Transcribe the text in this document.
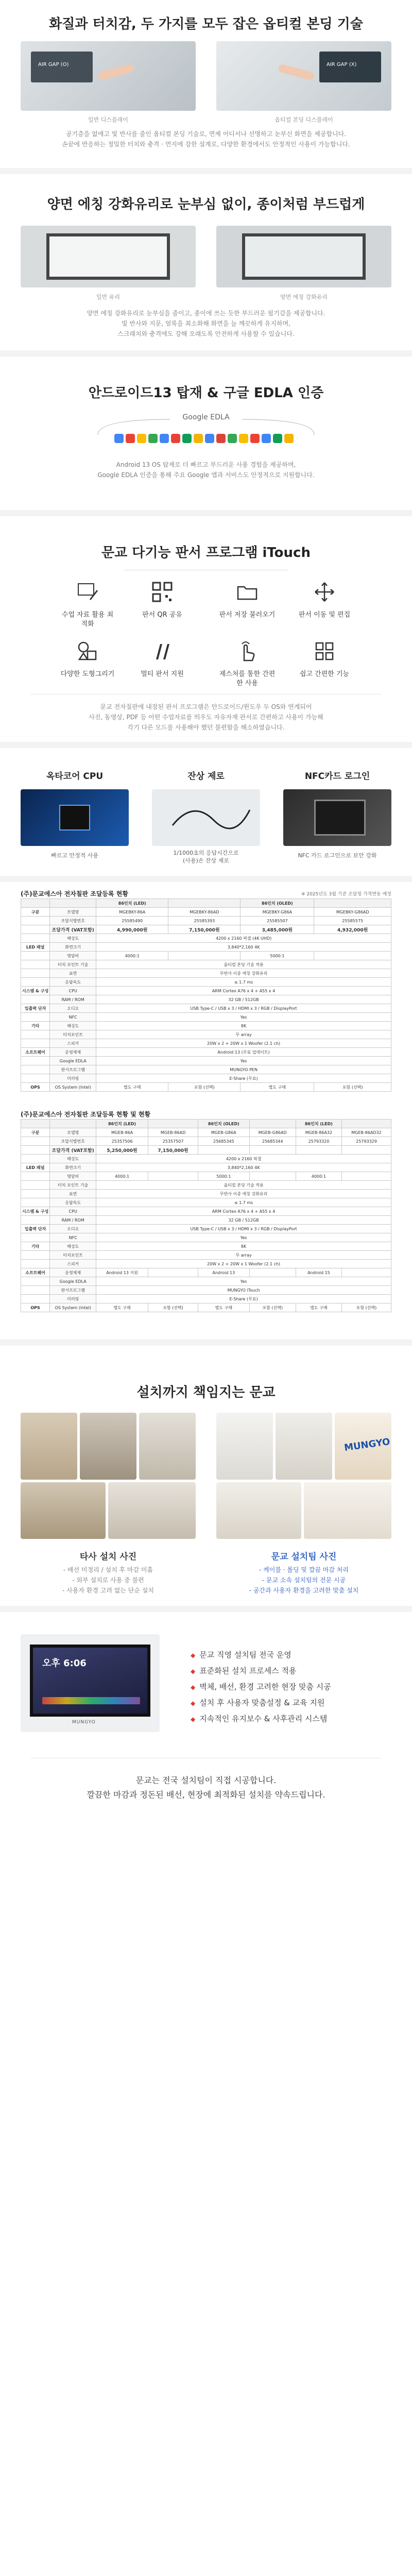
화질과 터치감, 두 가지를 모두 잡은 옵티컬 본딩 기술
AIR GAP (O)	AIR GAP (X)
일반 디스플레이	옵티컬 본딩 디스플레이
공기층을 없애고 빛 반사를 줄인 옵티컬 본딩 기술로, 면제 어디서나 선명하고 눈부신 화면을 제공합니다.
손끝에 반응하는 정밀한 터치와 충격 · 먼지에 강한 설계로, 다양한 환경에서도 안정적인 사용이 가능합니다.
양면 에칭 강화유리로 눈부심 없이, 종이처럼 부드럽게
일반 유리	양면 에칭 강화유리
양면 에칭 강화유리로 눈부심을 줄이고, 종이에 쓰는 듯한 부드러운 필기감을 제공합니다.
빛 반사와 지문, 얼룩을 최소화해 화면을 늘 깨끗하게 유지하며,
스크래치와 충격에도 강해 오래도록 안전하게 사용할 수 있습니다.
안드로이드13 탑재 & 구글 EDLA 인증
Google EDLA
Android 13 OS 탑재로 더 빠르고 부드러운 사용 경험을 제공하며,
Google EDLA 인증을 통해 주요 Google 앱과 서비스도 안정적으로 지원합니다.
문교 다기능 판서 프로그램 iTouch
수업 자료 활용 최적화
판서 QR 공유	판서 저장 불러오기	판서 이동 및 편집
다양한 도형그리기	멀티 판서 지원	제스처를 통한 간편한 사용
쉽고 간편한 기능
문교 전자칠판에 내장된 판서 프로그램은 안드로이드/윈도우 두 OS와 연계되어
사진, 동영상, PDF 등 어떤 수업자료를 띄우도 자유자재 판서로 간편하고 사용이 가능해
각기 다른 모드를 사용해야 했던 불편함을 해소하였습니다.
옥타코어 CPU	잔상 제로	NFC카드 로그인
빠르고 안정적 사용	1/1000초의 응답시간으로
(사용)손 잔상 제로
NFC 카드 로그인으로 보안 강화
(주)문교에스아 전자칠판 조달등록 현황	※ 2025년도 3월 기준 조달청 가격변동 예정
		86인치 (LED)		86인치 (OLED)	
구분	모델명	MGEBKY-86A	MGEBKY-86AD	MGEBKY-G86A	MGEBKY-G86AD
	조달식별번호	25585490	25585393	25585507	25585575
	조달가격 (VAT포함)	4,990,000원	7,150,000원	3,485,000원	4,932,000원
	해상도	4200 x 2160 픽셀 (4K UHD)			
LED 패널	화면크기	3,840*2,160 4K			
	명암비	4000:1		5000:1	
	터치 포인트 기술	옵티컬 본딩 기술 적용			
	표면	무반사 이중 에칭 강화유리			
	응답속도	≤ 1.7 ms			
시스템 & 구성	CPU	ARM Cortex A76 x 4 + A55 x 4			
	RAM / ROM	32 GB / 512GB			
입출력 단자	오디오	USB Type-C / USB x 3 / HDMI x 3 / RGB / DisplayPort			
	NFC	Yes			
기타	해상도	8K			
	터치포인트	무 array			
	스피커	20W x 2 + 20W x 1 Woofer (2.1 ch)			
소프트웨어	운영체제	Android 13 (무료 업데이트)			
	Google EDLA	Yes			
	판서프로그램	MUNGYO PEN			
	미러링	E-Share (무료)			
OPS	OS System (Intel)	별도 구매	포함 (선택)	별도 구매	포함 (선택)
(주)문교에스아 전자칠판 조달등록 현황 및 현황
		86인치 (LED)		86인치 (OLED)		86인치 (LED)	
구분	모델명	MGEB-86A	MGEB-86AD	MGEB-G86A	MGEB-G86AD	MGEB-86A32	MGEB-86AD32
	조달식별번호	25357506	25357507	25685345	25685344	25793320	25793329
	조달가격 (VAT포함)	5,250,000원	7,150,000원				
	해상도	4200 x 2160 픽셀					
LED 패널	화면크기	3,840*2,160 4K					
	명암비	4000:1		5000:1		4000:1	
	터치 포인트 기술	옵티컬 본딩 기술 적용					
	표면	무반사 이중 에칭 강화유리					
	응답속도	≤ 1.7 ms					
시스템 & 구성	CPU	ARM Cortex A76 x 4 + A55 x 4					
	RAM / ROM	32 GB / 512GB					
입출력 단자	오디오	USB Type-C / USB x 3 / HDMI x 3 / RGB / DisplayPort					
	NFC	Yes					
기타	해상도	8K					
	터치포인트	무 array					
	스피커	20W x 2 + 20W x 1 Woofer (2.1 ch)					
소프트웨어	운영체제	Android 13 지원		Android 13		Android 15	
	Google EDLA	Yes					
	판서프로그램	MUNGYO iTouch					
	미러링	E-Share (무료)					
OPS	OS System (Intel)	별도 구매	포함 (선택)	별도 구매	포함 (선택)	별도 구매	포함 (선택)
설치까지 책임지는 문교
MUNGYO
타사 설치 사진
- 배선 미정리 / 설치 후 마감 미흡
- 외부 설치로 사용 중 불편
- 사용자 환경 고려 없는 단순 설치
문교 설치팀 사진
- 케이블 · 몰딩 및 깔끔 마감 처리
- 문교 소속 설치팀의 전문 시공
- 공간과 사용자 환경을 고려한 맞춤 설치
오후 6:06
MUNGYO
◆ 문교 직영 설치팀 전국 운영
◆ 표준화된 설치 프로세스 적용
◆ 벽체, 배선, 환경 고려한 현장 맞춤 시공
◆ 설치 후 사용자 맞춤설정 & 교육 지원
◆ 지속적인 유지보수 & 사후관리 시스템
문교는 전국 설치팀이 직접 시공합니다.
깔끔한 마감과 정돈된 배선, 현장에 최적화된 설치를 약속드립니다.
